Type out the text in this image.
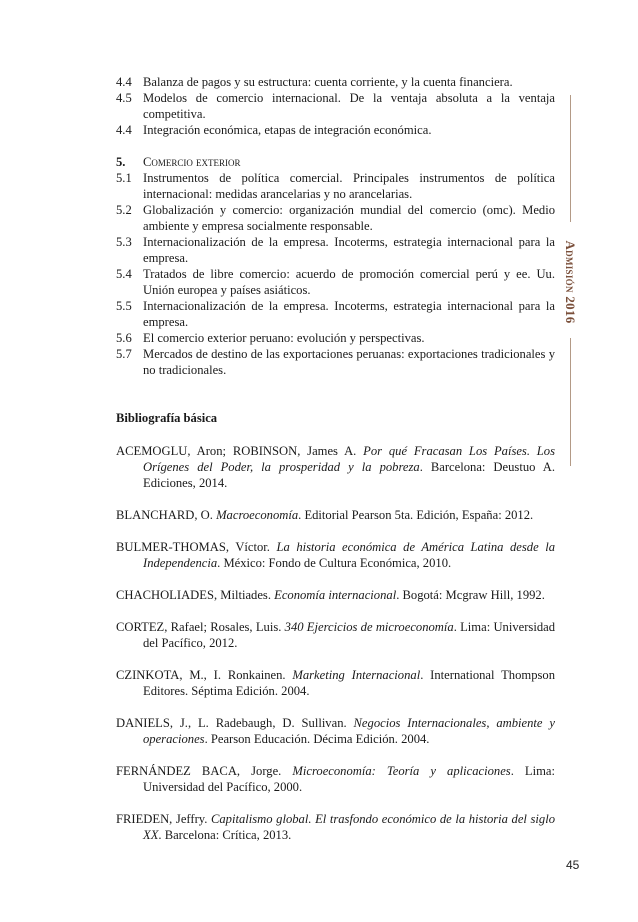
Admisión 2016
4.4 Balanza de pagos y su estructura: cuenta corriente, y la cuenta financiera.
4.5 Modelos de comercio internacional. De la ventaja absoluta a la ventaja competitiva.
4.4 Integración económica, etapas de integración económica.
5.	Comercio exterior
5.1 Instrumentos de política comercial. Principales instrumentos de política internacional: medidas arancelarias y no arancelarias.
5.2 Globalización y comercio: organización mundial del comercio (omc). Medio ambiente y empresa socialmente responsable.
5.3 Internacionalización de la empresa. Incoterms, estrategia internacional para la empresa.
5.4 Tratados de libre comercio: acuerdo de promoción comercial perú y ee. Uu. Unión europea y países asiáticos.
5.5 Internacionalización de la empresa. Incoterms, estrategia internacional para la empresa.
5.6 El comercio exterior peruano: evolución y perspectivas.
5.7 Mercados de destino de las exportaciones peruanas: exportaciones tradicionales y no tradicionales.
Bibliografía básica
ACEMOGLU, Aron; ROBINSON, James A. Por qué Fracasan Los Países. Los Orígenes del Poder, la prosperidad y la pobreza. Barcelona: Deustuo A. Ediciones, 2014.
BLANCHARD, O. Macroeconomía. Editorial Pearson 5ta. Edición, España: 2012.
BULMER-THOMAS, Víctor. La historia económica de América Latina desde la Independencia. México: Fondo de Cultura Económica, 2010.
CHACHOLIADES, Miltiades. Economía internacional. Bogotá: Mcgraw Hill, 1992.
CORTEZ, Rafael; Rosales, Luis. 340 Ejercicios de microeconomía. Lima: Universidad del Pacífico, 2012.
CZINKOTA, M., I. Ronkainen. Marketing Internacional. International Thompson Editores. Séptima Edición. 2004.
DANIELS, J., L. Radebaugh, D. Sullivan. Negocios Internacionales, ambiente y operaciones. Pearson Educación. Décima Edición. 2004.
FERNÁNDEZ BACA, Jorge. Microeconomía: Teoría y aplicaciones. Lima: Universidad del Pacífico, 2000.
FRIEDEN, Jeffry. Capitalismo global. El trasfondo económico de la historia del siglo XX. Barcelona: Crítica, 2013.
45
